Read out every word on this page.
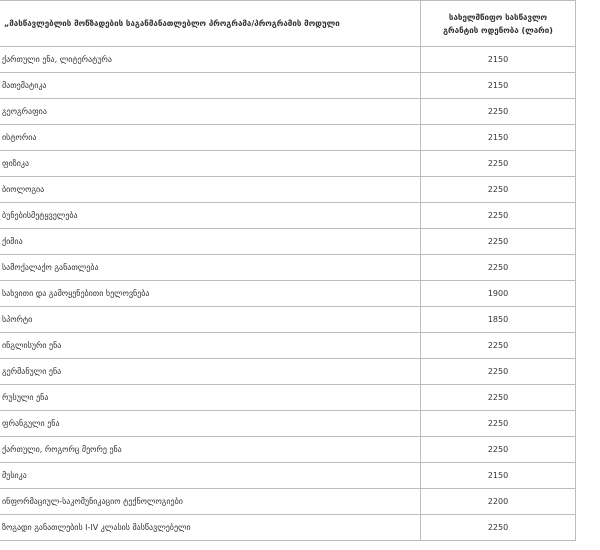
„მასწავლებლის მოწზადების საგანმანათლებლო პროგრამა/პროგრამის მოდული	სახელმწიფო სასწავლო გრანტის ოდენობა (ლარი)
ქართული ენა, ლიტერატურა	2150
მათემატიკა	2150
გეოგრაფია	2250
ისტორია	2150
ფიზიკა	2250
ბიოლოგია	2250
ბუნებისმეტყველება	2250
ქიმია	2250
სამოქალაქო განათლება	2250
სახვითი და გამოყენებითი ხელოვნება	1900
სპორტი	1850
ინგლისური ენა	2250
გერმანული ენა	2250
რუსული ენა	2250
ფრანგული ენა	2250
ქართული, როგორც მეორე ენა	2250
მუსიკა	2150
ინფორმაციულ-საკომუნიკაციო ტექნოლოგიები	2200
ზოგადი განათლების I-IV კლასის მასწავლებელი	2250
